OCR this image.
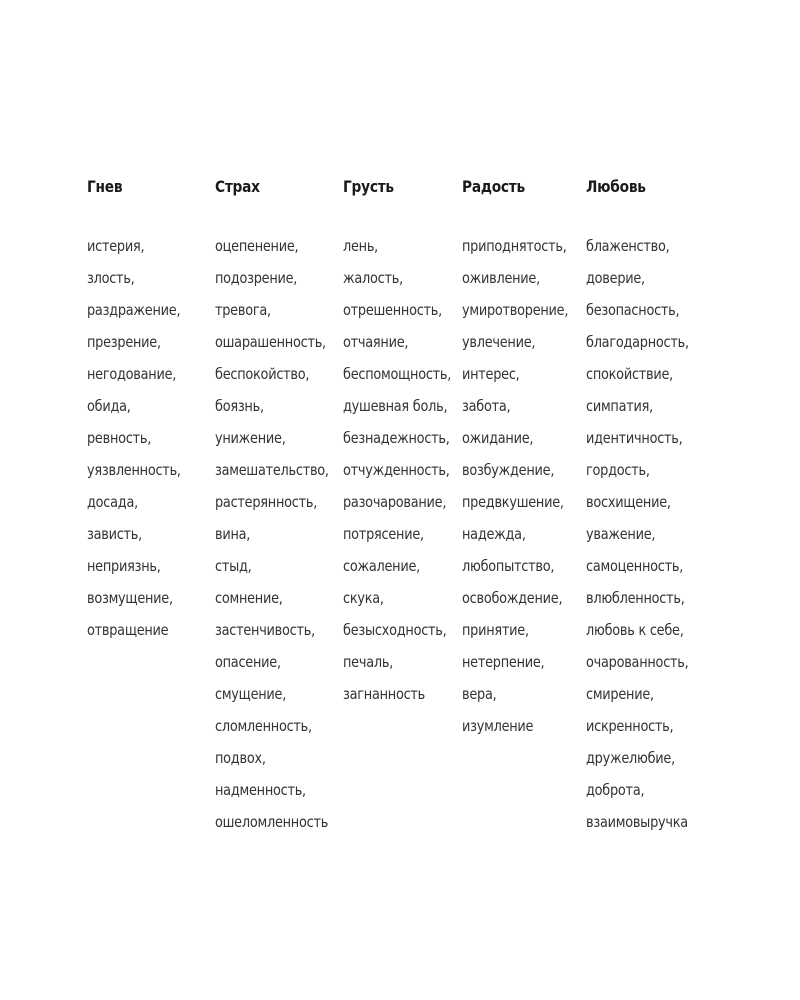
Гнев
истерия,
злость,
раздражение,
презрение,
негодование,
обида,
ревность,
уязвленность,
досада,
зависть,
неприязнь,
возмущение,
отвращение
Страх
оцепенение,
подозрение,
тревога,
ошарашенность,
беспокойство,
боязнь,
унижение,
замешательство,
растерянность,
вина,
стыд,
сомнение,
застенчивость,
опасение,
смущение,
сломленность,
подвох,
надменность,
ошеломленность
Грусть
лень,
жалость,
отрешенность,
отчаяние,
беспомощность,
душевная боль,
безнадежность,
отчужденность,
разочарование,
потрясение,
сожаление,
скука,
безысходность,
печаль,
загнанность
Радость
приподнятость,
оживление,
умиротворение,
увлечение,
интерес,
забота,
ожидание,
возбуждение,
предвкушение,
надежда,
любопытство,
освобождение,
принятие,
нетерпение,
вера,
изумление
Любовь
блаженство,
доверие,
безопасность,
благодарность,
спокойствие,
симпатия,
идентичность,
гордость,
восхищение,
уважение,
самоценность,
влюбленность,
любовь к себе,
очарованность,
смирение,
искренность,
дружелюбие,
доброта,
взаимовыручка
